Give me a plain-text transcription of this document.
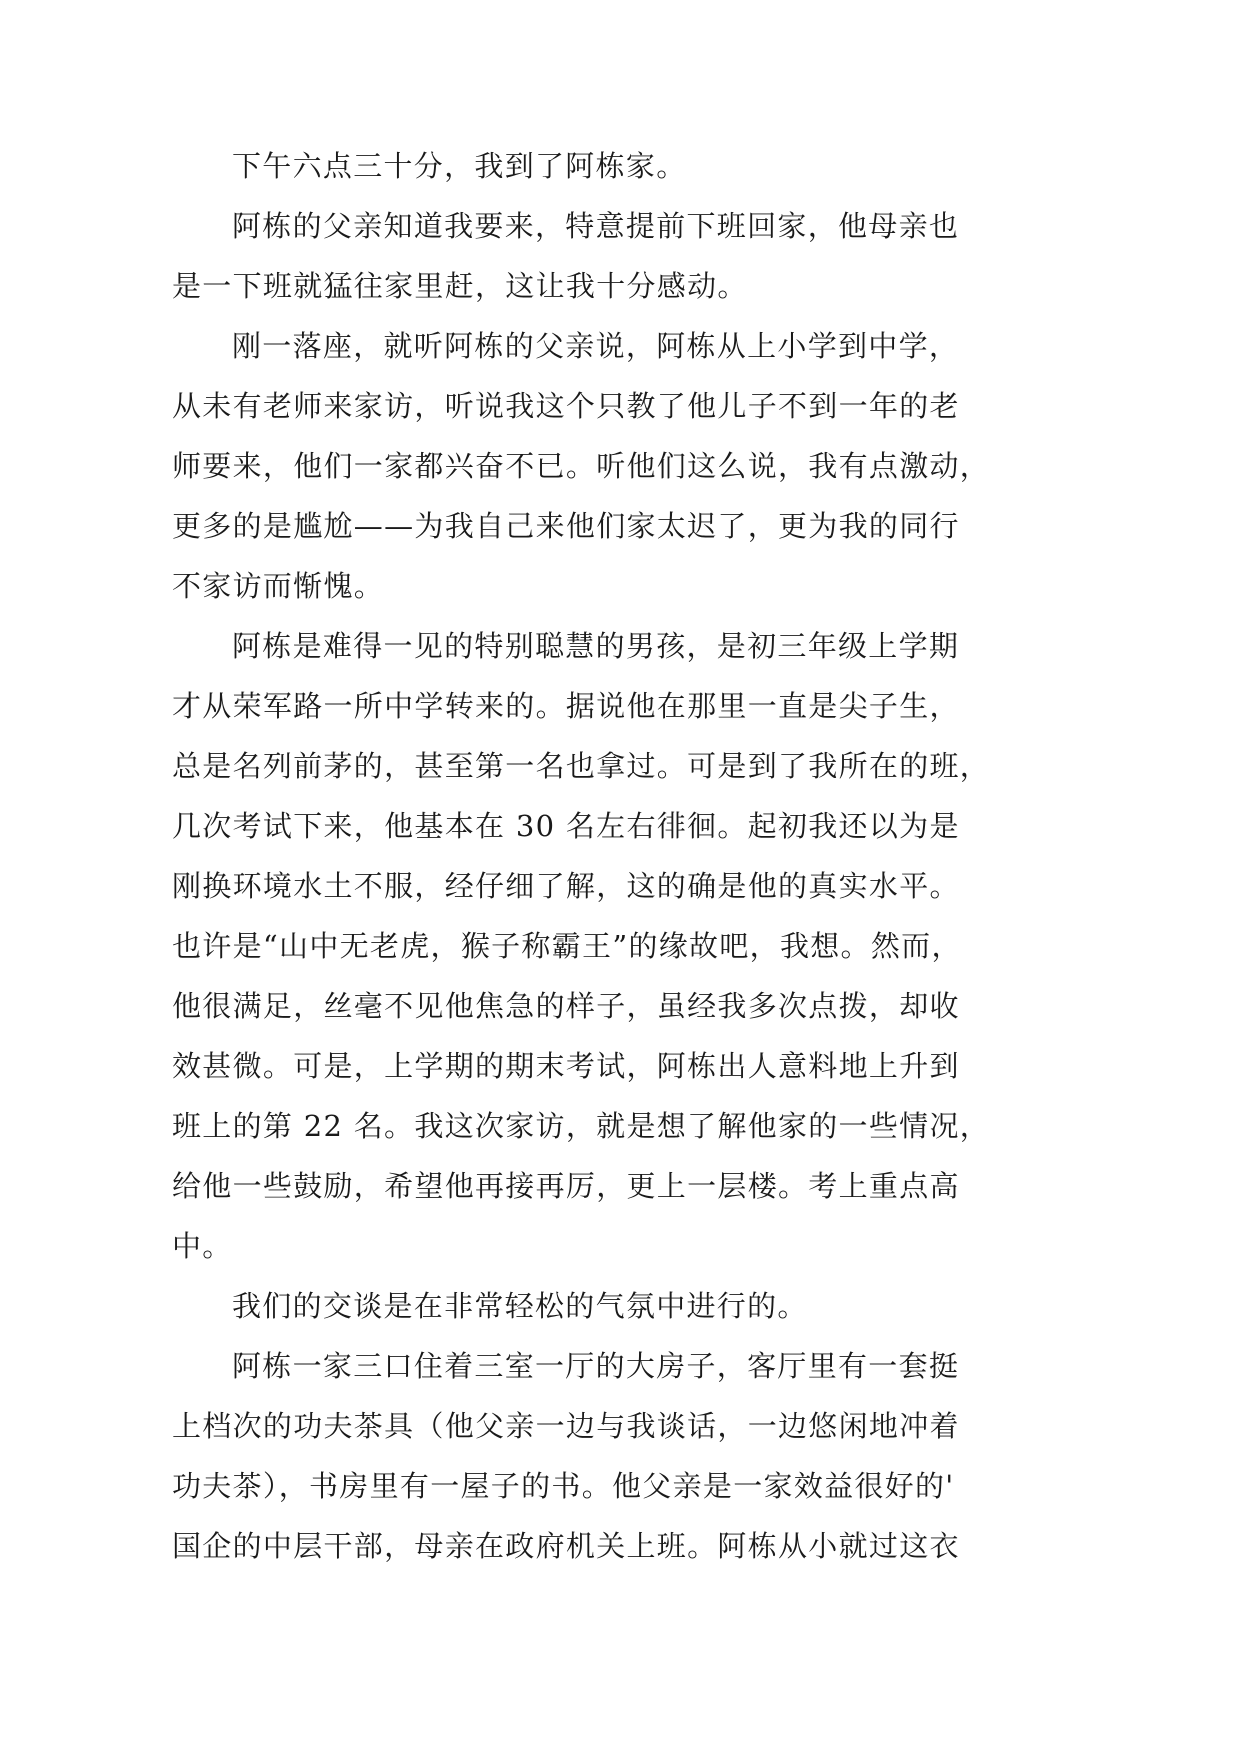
下午六点三十分，我到了阿栋家。
阿栋的父亲知道我要来，特意提前下班回家，他母亲也
是一下班就猛往家里赶，这让我十分感动。
刚一落座，就听阿栋的父亲说，阿栋从上小学到中学，
从未有老师来家访，听说我这个只教了他儿子不到一年的老
师要来，他们一家都兴奋不已。听他们这么说，我有点激动，
更多的是尴尬——为我自己来他们家太迟了，更为我的同行
不家访而惭愧。
阿栋是难得一见的特别聪慧的男孩，是初三年级上学期
才从荣军路一所中学转来的。据说他在那里一直是尖子生，
总是名列前茅的，甚至第一名也拿过。可是到了我所在的班，
几次考试下来，他基本在 30 名左右徘徊。起初我还以为是
刚换环境水土不服，经仔细了解，这的确是他的真实水平。
也许是“山中无老虎，猴子称霸王”的缘故吧，我想。然而，
他很满足，丝毫不见他焦急的样子，虽经我多次点拨，却收
效甚微。可是，上学期的期末考试，阿栋出人意料地上升到
班上的第 22 名。我这次家访，就是想了解他家的一些情况，
给他一些鼓励，希望他再接再厉，更上一层楼。考上重点高
中。
我们的交谈是在非常轻松的气氛中进行的。
阿栋一家三口住着三室一厅的大房子，客厅里有一套挺
上档次的功夫茶具（他父亲一边与我谈话，一边悠闲地冲着
功夫茶），书房里有一屋子的书。他父亲是一家效益很好的'
国企的中层干部，母亲在政府机关上班。阿栋从小就过这衣
